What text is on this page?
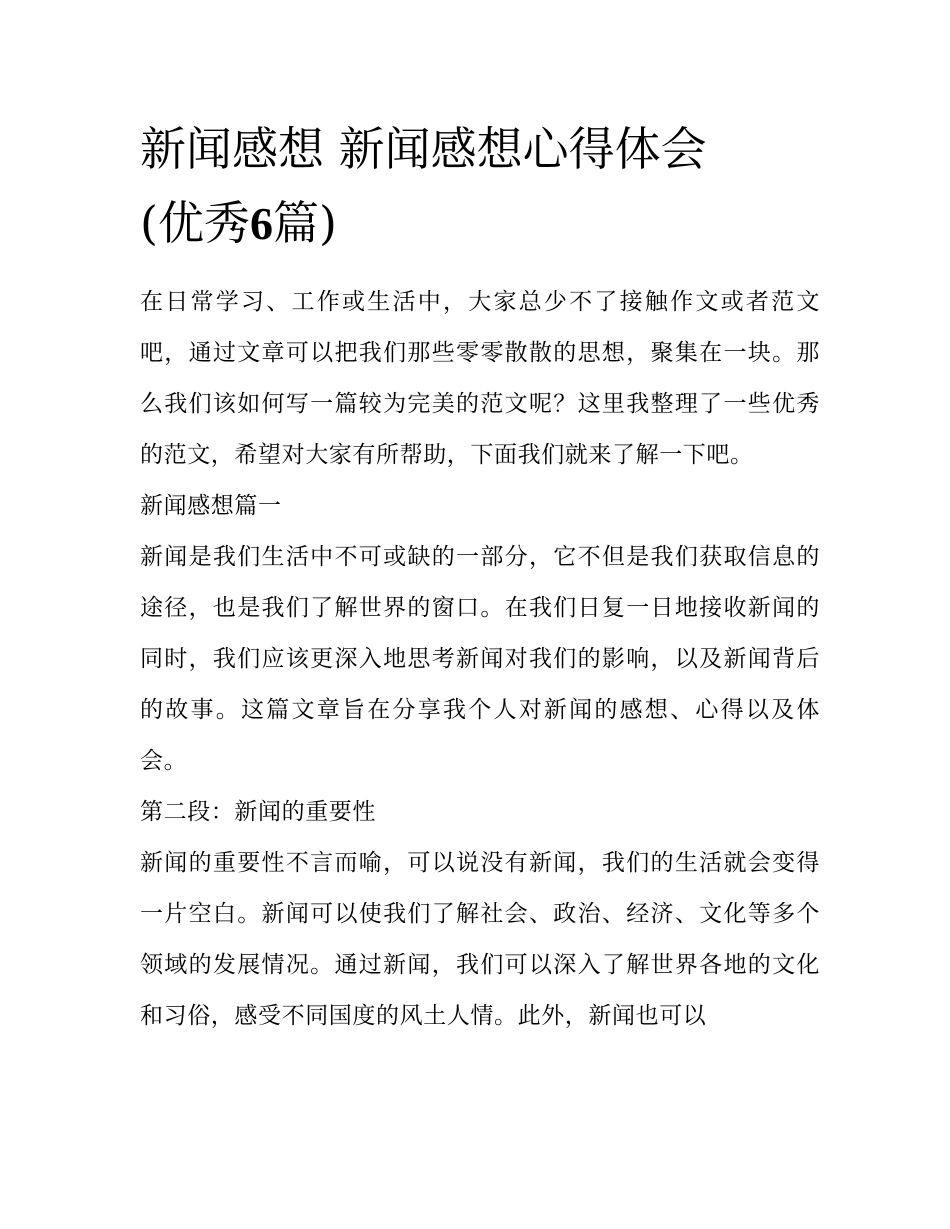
新闻感想 新闻感想心得体会
(优秀6篇)

在日常学习、工作或生活中，大家总少不了接触作文或者范文吧，通过文章可以把我们那些零零散散的思想，聚集在一块。那么我们该如何写一篇较为完美的范文呢？这里我整理了一些优秀的范文，希望对大家有所帮助，下面我们就来了解一下吧。

新闻感想篇一

新闻是我们生活中不可或缺的一部分，它不但是我们获取信息的途径，也是我们了解世界的窗口。在我们日复一日地接收新闻的同时，我们应该更深入地思考新闻对我们的影响，以及新闻背后的故事。这篇文章旨在分享我个人对新闻的感想、心得以及体会。

第二段：新闻的重要性

新闻的重要性不言而喻，可以说没有新闻，我们的生活就会变得一片空白。新闻可以使我们了解社会、政治、经济、文化等多个领域的发展情况。通过新闻，我们可以深入了解世界各地的文化和习俗，感受不同国度的风土人情。此外，新闻也可以
